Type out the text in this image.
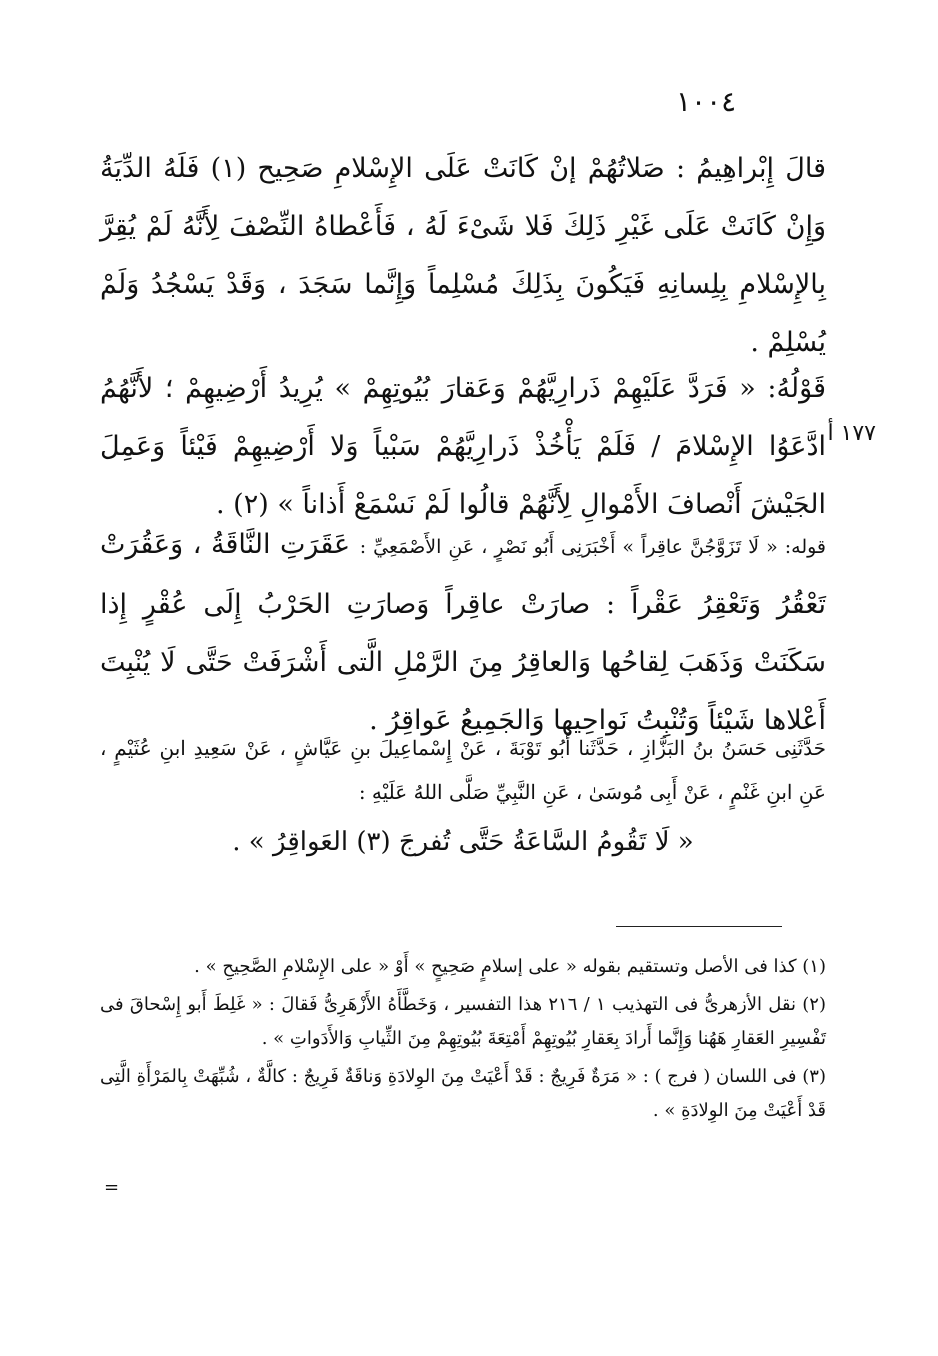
١٠٠٤
قالَ إِبْراهِيمُ : صَلاتُهُمْ إنْ كَانَتْ عَلَى الإِسْلامِ صَحِيح (١) فَلَهُ الدِّيَةُ وَإِنْ كَانَتْ عَلَى غَيْرِ ذَلِكَ فَلا شَىْءَ لَهُ ، فَأَعْطاهُ النِّصْفَ لِأَنَّهُ لَمْ يُقِرَّ بِالإِسْلامِ بِلِسانِهِ فَيَكُونَ بِذَلِكَ مُسْلِماً وَإِنَّما سَجَدَ ، وَقَدْ يَسْجُدُ وَلَمْ يُسْلِمْ .
١٧٧ أ
قَوْلُهُ: « فَرَدَّ عَلَيْهِمْ ذَرارِيَّهُمْ وَعَقارَ بُيُوتِهِمْ » يُرِيدُ أَرْضِيهِمْ ؛ لأَنَّهُمُ ادَّعَوُا الإِسْلامَ / فَلَمْ يَأْخُذْ ذَرارِيَّهُمْ سَبْياً وَلا أَرْضِيهِمْ فَيْئاً وَعَمِلَ الجَيْشَ أَنْصافَ الأَمْوالِ لِأَنَّهُمْ قالُوا لَمْ نَسْمَعْ أَذاناً » (٢) .
قوله: « لَا تَزَوَّجُنَّ عاقِراً » أَخْبَرَنِى أَبُو نَصْرٍ ، عَنِ الأَصْمَعِيِّ : عَقَرَتِ النَّاقَةُ ، وَعَقُرَتْ تَعْقُرُ وَتَعْقِرُ عَقْراً : صارَتْ عاقِراً وَصارَتِ الحَرْبُ إِلَى عُقْرٍ إِذا سَكَنَتْ وَذَهَبَ لِقاحُها وَالعاقِرُ مِنَ الرَّمْلِ الَّتى أَشْرَفَتْ حَتَّى لَا يُنْبِتَ أَعْلاها شَيْئاً وَتُنْبِتُ نَواحِيها وَالجَمِيعُ عَواقِرُ .
حَدَّثَنِى حَسَنُ بنُ البَزَّازِ ، حَدَّثَنا أَبُو تَوْبَةَ ، عَنْ إِسْماعِيلَ بنِ عَيَّاشٍ ، عَنْ سَعِيدِ ابنِ عُثَيْمٍ ، عَنِ ابنِ غَنْمٍ ، عَنْ أَبِى مُوسَىٰ ، عَنِ النَّبِيِّ صَلَّى اللهُ عَلَيْهِ :
« لَا تَقُومُ السَّاعَةُ حَتَّى تُفرجَ (٣) العَواقِرُ » .

(١) كذا فى الأصل وتستقيم بقوله « على إسلامٍ صَحِيحٍ » أَوْ « على الإِسْلامِ الصَّحِيحِ » .

(٢) نقل الأزهرىُّ فى التهذيب ١ / ٢١٦ هذا التفسير ، وَخَطَّأَهُ الأَزْهَرِىُّ فَقالَ : « غَلِطَ أَبو إِسْحاقَ فى تَفْسِيرِ العَقارِ هَهُنا وَإِنَّما أَرادَ بِعَقارِ بُيُوتِهِمْ أَمْتِعَةَ بُيُوتِهِمْ مِنَ الثِّيابِ وَالأَدَواتِ » .

(٣) فى اللسان ( فرج ) : « مَرَةٌ فَرِيجٌ : قَدْ أَعْيَتْ مِنَ الوِلادَةِ وَناقَةٌ فَرِيجٌ : كالَّةٌ ، شُبِّهَتْ بِالمَرْأَةِ الَّتِى قَدْ أَعْيَتْ مِنَ الوِلادَةِ » .

=
